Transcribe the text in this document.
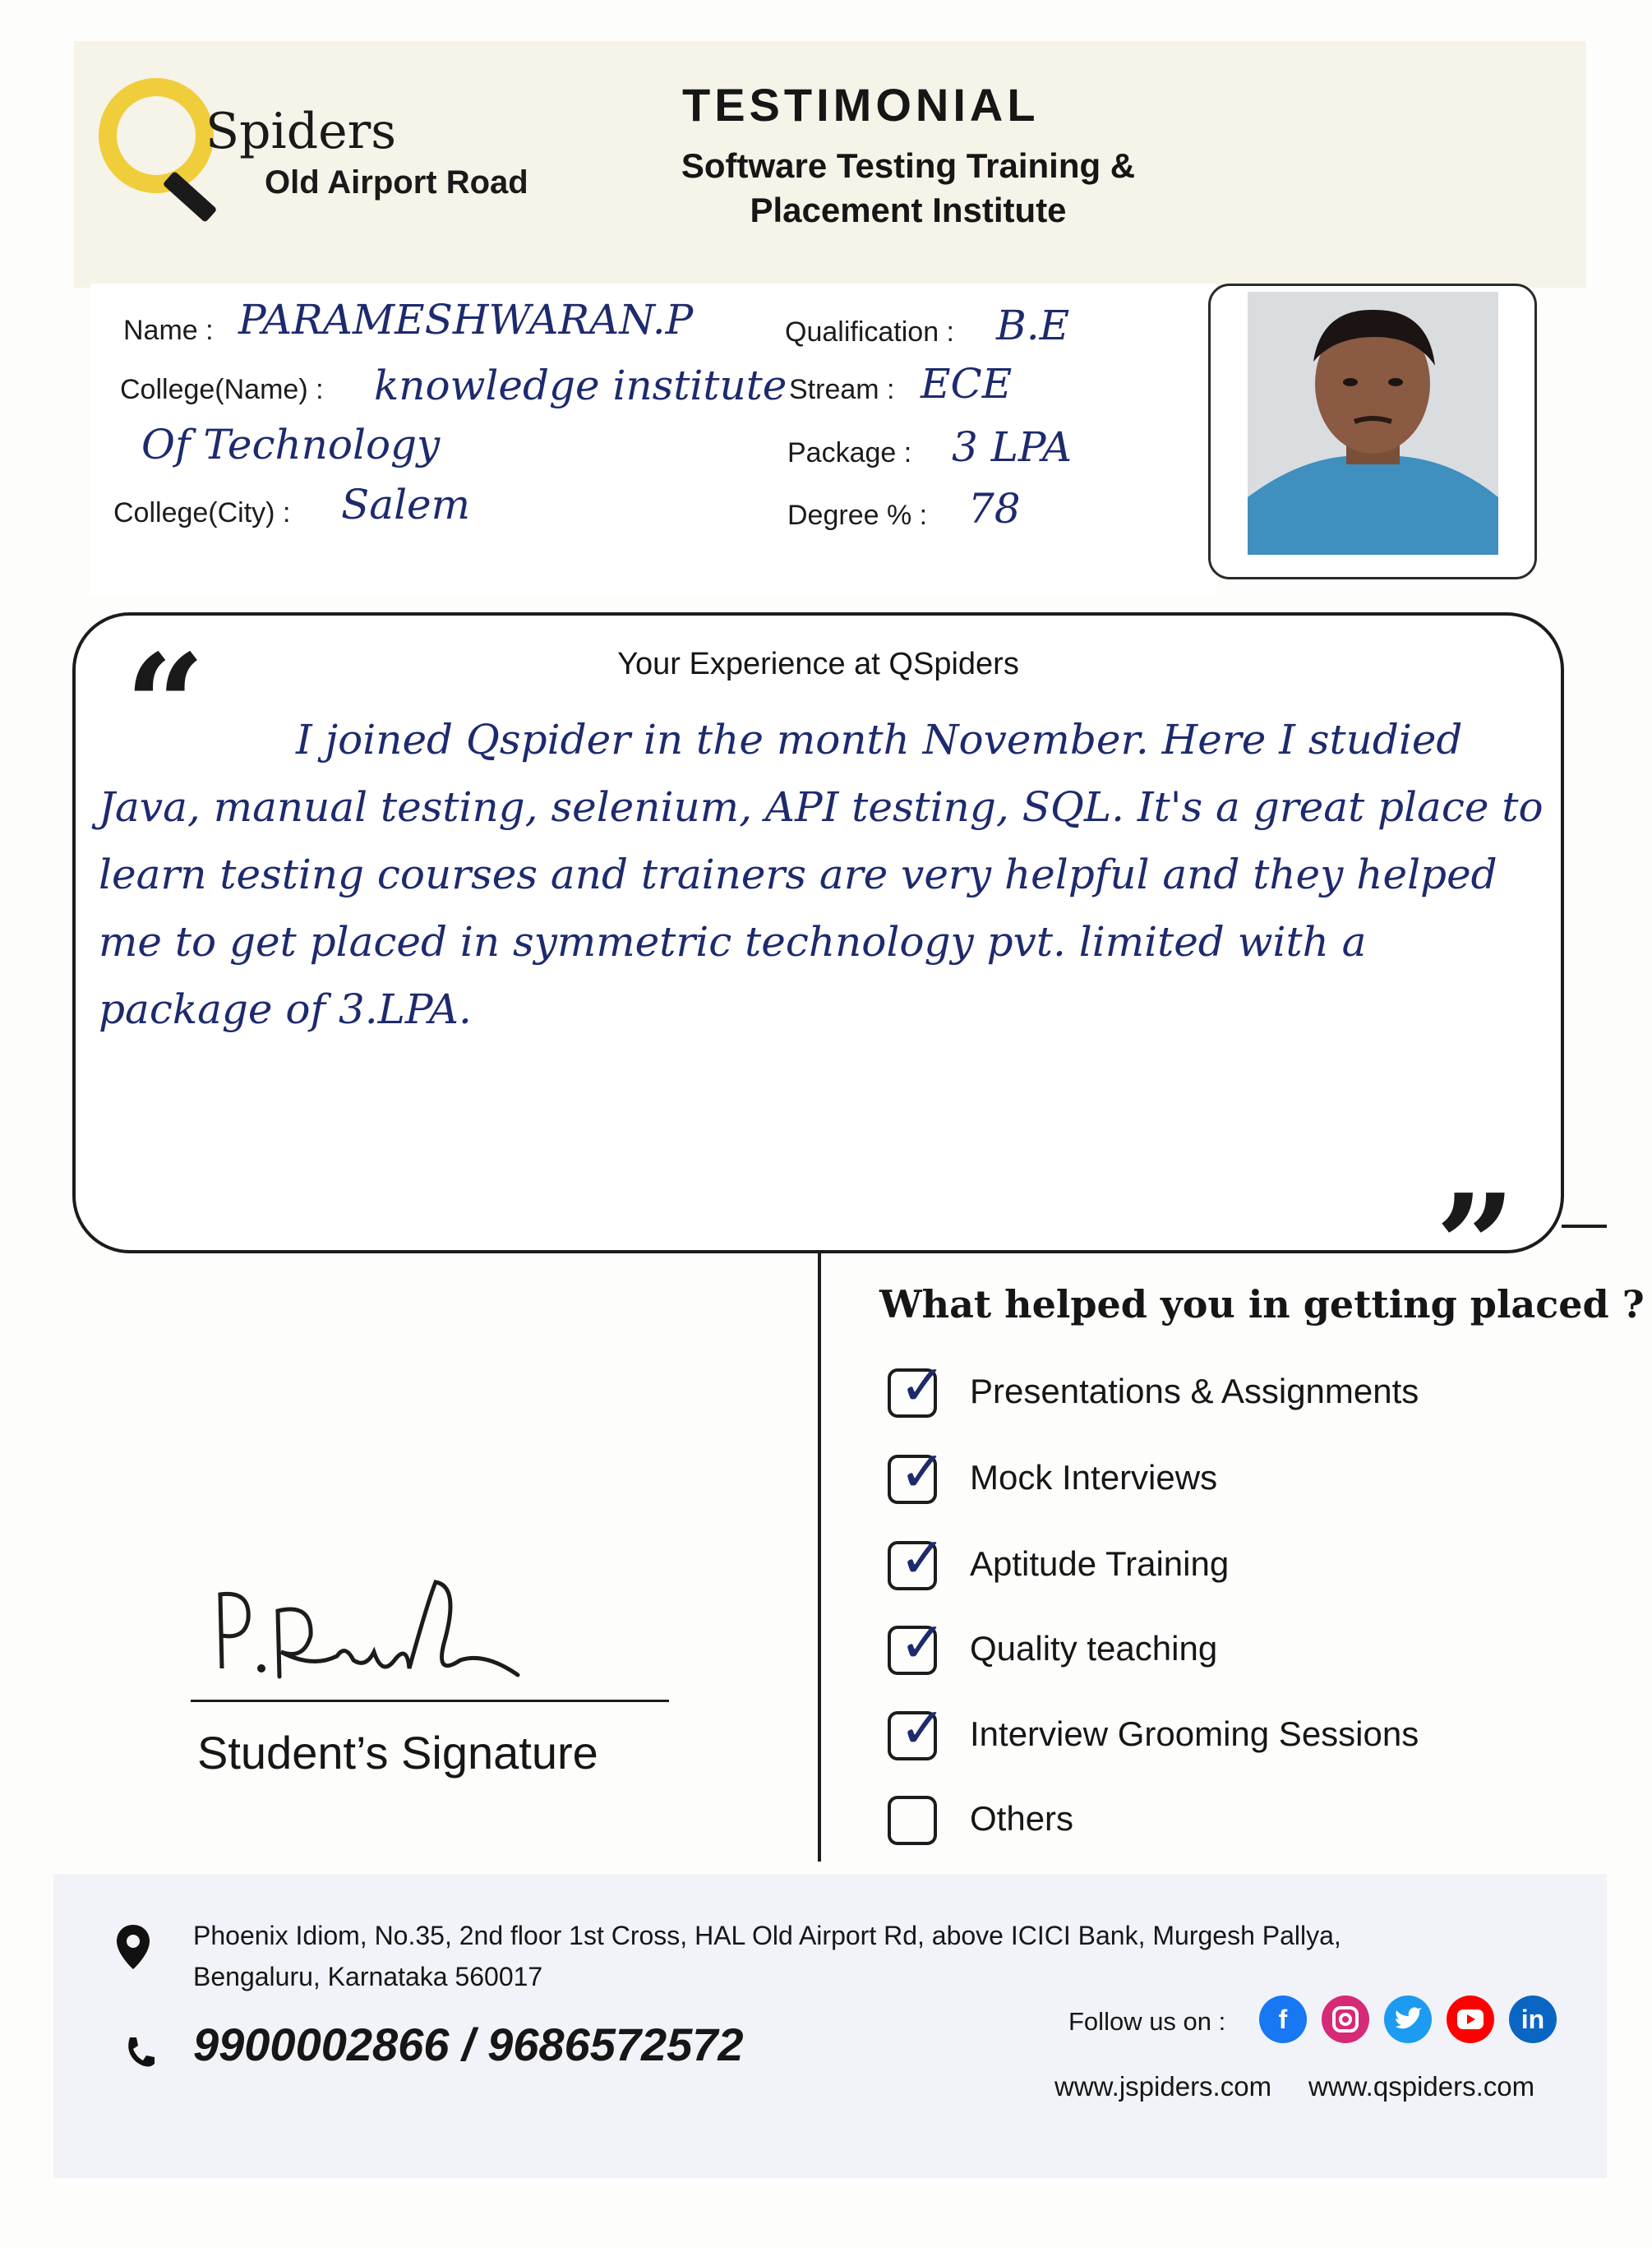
Spiders
Old Airport Road
TESTIMONIAL
Software Testing Training & Placement Institute
Name : PARAMESHWARAN.P
College(Name) : knowledge institute
Of Technology
College(City) : Salem
Qualification : B.E
Stream : ECE
Package : 3 LPA
Degree % : 78
Your Experience at QSpiders
“	I joined Qspider in the month November. Here I studied Java, manual testing, selenium, API testing, SQL. It's a great place to learn testing courses and trainers are very helpful and they helped me to get placed in symmetric technology pvt. limited with a package of 3.LPA.
”
What helped you in getting placed ?
✓ Presentations & Assignments
✓ Mock Interviews
✓ Aptitude Training
✓ Quality teaching
✓ Interview Grooming Sessions
Others
Student’s Signature
Phoenix Idiom, No.35, 2nd floor 1st Cross, HAL Old Airport Rd, above ICICI Bank, Murgesh Pallya,
Bengaluru, Karnataka 560017
9900002866 / 9686572572	Follow us on :	f	in
www.jspiders.com www.qspiders.com
